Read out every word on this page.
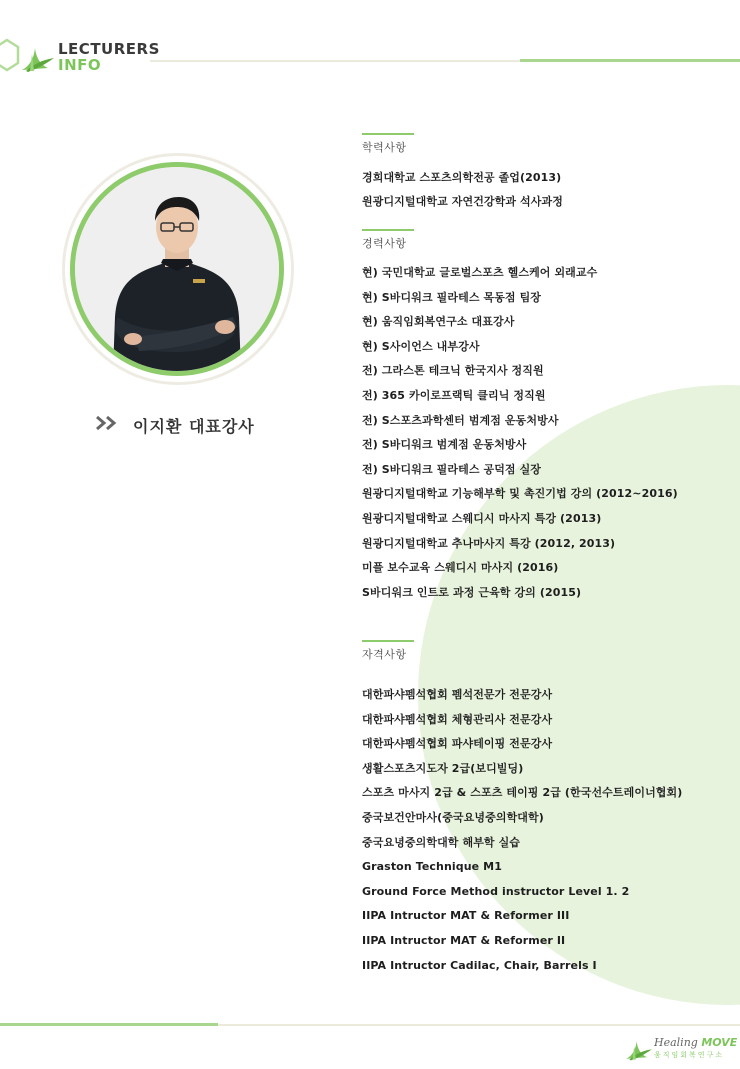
LECTURERS
INFO
이지환 대표강사
학력사항
경희대학교 스포츠의학전공 졸업(2013)
원광디지털대학교 자연건강학과 석사과정
경력사항
현) 국민대학교 글로벌스포츠 헬스케어 외래교수
현) S바디워크 필라테스 목동점 팀장
현) 움직임회복연구소 대표강사
현) S사이언스 내부강사
전) 그라스톤 테크닉 한국지사 정직원
전) 365 카이로프랙틱 클리닉 정직원
전) S스포츠과학센터 범계점 운동처방사
전) S바디워크 범계점 운동처방사
전) S바디워크 필라테스 공덕점 실장
원광디지털대학교 기능해부학 및 촉진기법 강의 (2012~2016)
원광디지털대학교 스웨디시 마사지 특강 (2013)
원광디지털대학교 추나마사지 특강 (2012, 2013)
미플 보수교육 스웨디시 마사지 (2016)
S바디워크 인트로 과정 근육학 강의 (2015)
자격사항
대한파샤펨석협회 펨석전문가 전문강사
대한파샤펨석협회 체형관리사 전문강사
대한파샤펨석협회 파샤테이핑 전문강사
생활스포츠지도자 2급(보디빌딩)
스포츠 마사지 2급 & 스포츠 테이핑 2급 (한국선수트레이너협회)
중국보건안마사(중국요녕중의학대학)
중국요녕중의학대학 해부학 실습
Graston Technique M1
Ground Force Method instructor Level 1. 2
IIPA Intructor MAT & Reformer III
IIPA Intructor MAT & Reformer II
IIPA Intructor Cadilac, Chair, Barrels I
Healing MOVE
움직임회복연구소
